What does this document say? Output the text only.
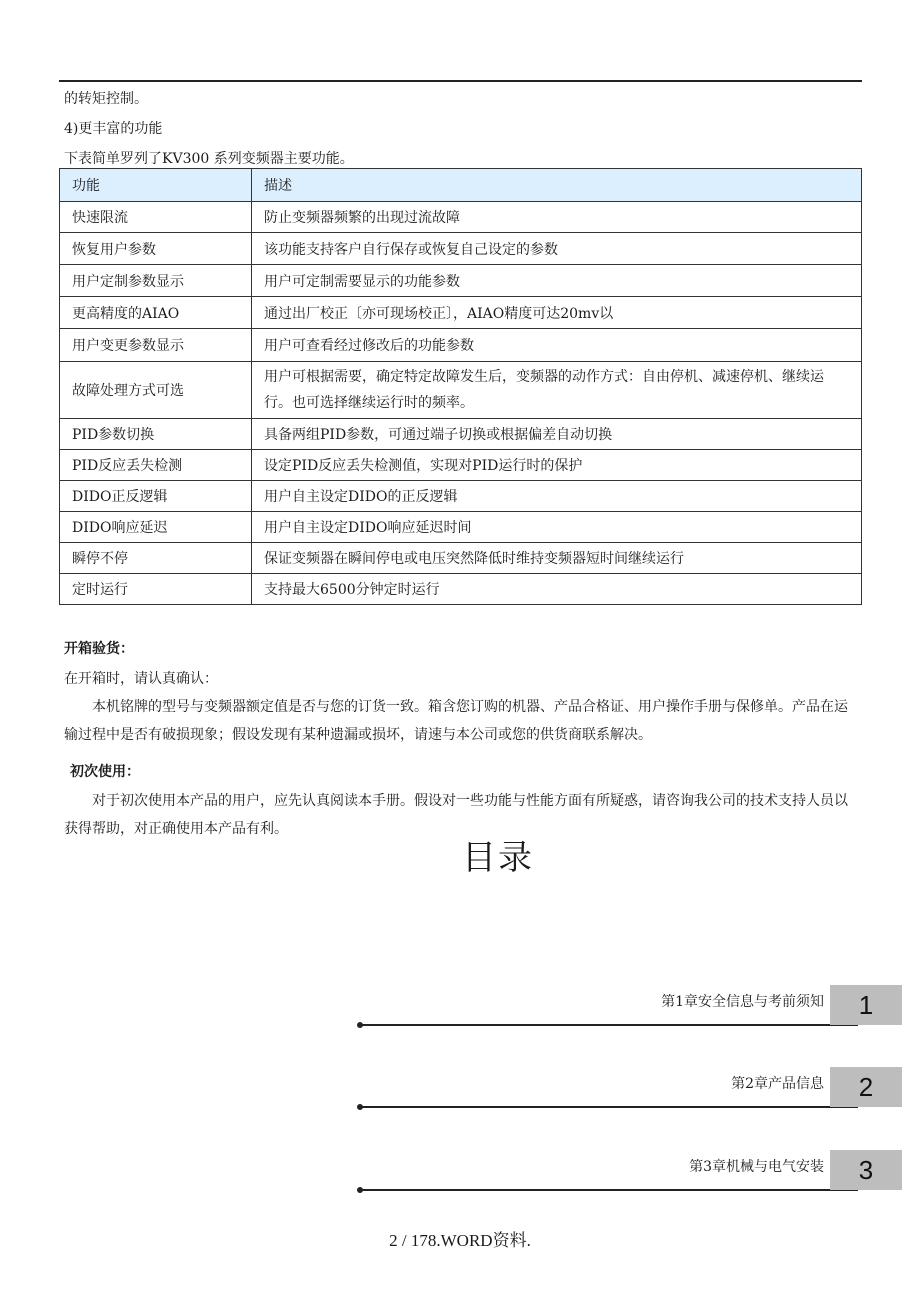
的转矩控制。
4)更丰富的功能
下表简单罗列了KV300 系列变频器主要功能。
功能	描述
快速限流	防止变频器频繁的出现过流故障
恢复用户参数	该功能支持客户自行保存或恢复自己设定的参数
用户定制参数显示	用户可定制需要显示的功能参数
更高精度的AIAO	通过出厂校正〔亦可现场校正〕，AIAO精度可达20mv以
用户变更参数显示	用户可查看经过修改后的功能参数
故障处理方式可选	用户可根据需要，确定特定故障发生后，变频器的动作方式：自由停机、减速停机、继续运行。也可选择继续运行时的频率。
PID参数切换	具备两组PID参数，可通过端子切换或根据偏差自动切换
PID反应丢失检测	设定PID反应丢失检测值，实现对PID运行时的保护
DIDO正反逻辑	用户自主设定DIDO的正反逻辑
DIDO响应延迟	用户自主设定DIDO响应延迟时间
瞬停不停	保证变频器在瞬间停电或电压突然降低时维持变频器短时间继续运行
定时运行	支持最大6500分钟定时运行
开箱验货：
在开箱时，请认真确认：
本机铭牌的型号与变频器额定值是否与您的订货一致。箱含您订购的机器、产品合格证、用户操作手册与保修单。产品在运输过程中是否有破损现象；假设发现有某种遗漏或损坏，请速与本公司或您的供货商联系解决。
初次使用：
对于初次使用本产品的用户，应先认真阅读本手册。假设对一些功能与性能方面有所疑惑，请咨询我公司的技术支持人员以获得帮助，对正确使用本产品有利。
目录
第1章安全信息与考前须知	1
第2章产品信息	2
第3章机械与电气安装	3
2 / 178.WORD资料.
